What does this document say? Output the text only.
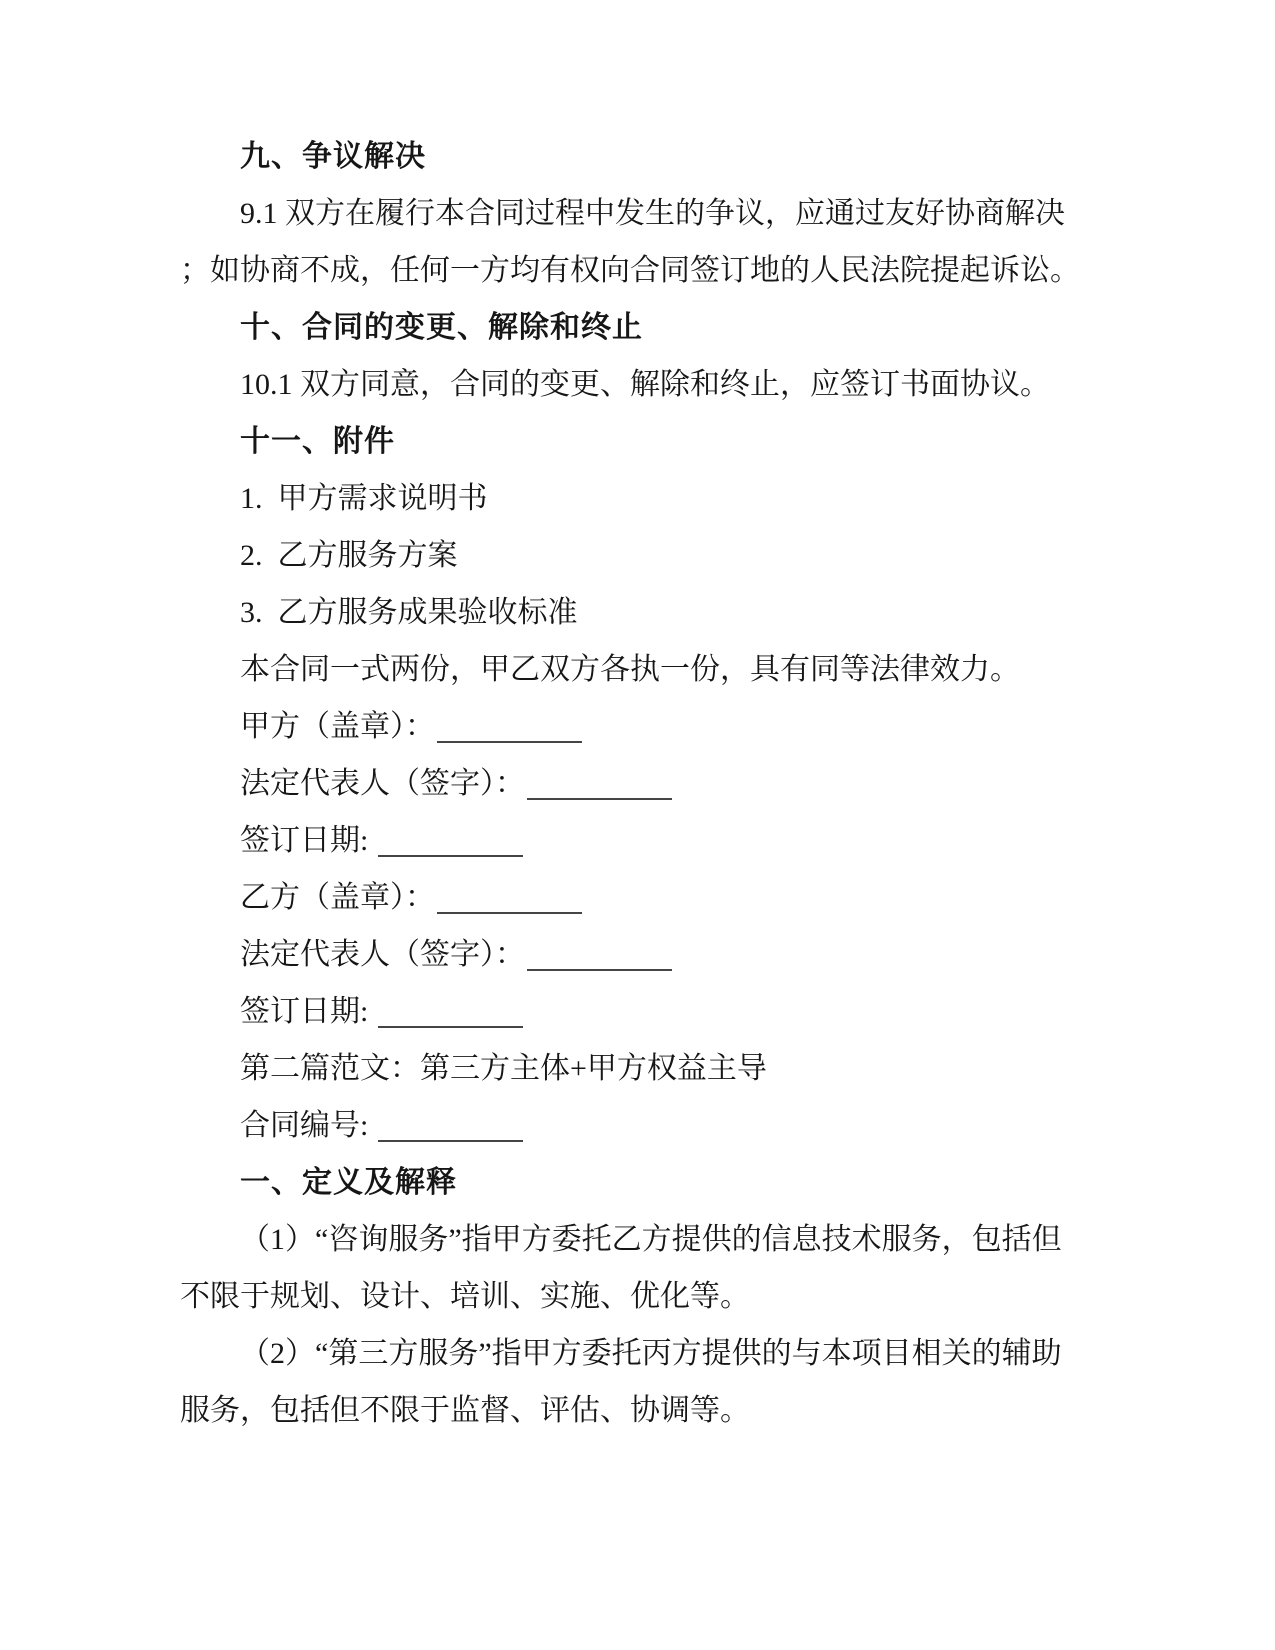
九、争议解决

9.1 双方在履行本合同过程中发生的争议，应通过友好协商解决

；如协商不成，任何一方均有权向合同签订地的人民法院提起诉讼。

十、合同的变更、解除和终止

10.1 双方同意，合同的变更、解除和终止，应签订书面协议。

十一、附件

1.  甲方需求说明书

2.  乙方服务方案

3.  乙方服务成果验收标准

本合同一式两份，甲乙双方各执一份，具有同等法律效力。

甲方（盖章）：

法定代表人（签字）：

签订日期:

乙方（盖章）：

法定代表人（签字）：

签订日期:

第二篇范文：第三方主体+甲方权益主导

合同编号:

一、定义及解释

（1）“咨询服务”指甲方委托乙方提供的信息技术服务，包括但

不限于规划、设计、培训、实施、优化等。

（2）“第三方服务”指甲方委托丙方提供的与本项目相关的辅助

服务，包括但不限于监督、评估、协调等。
